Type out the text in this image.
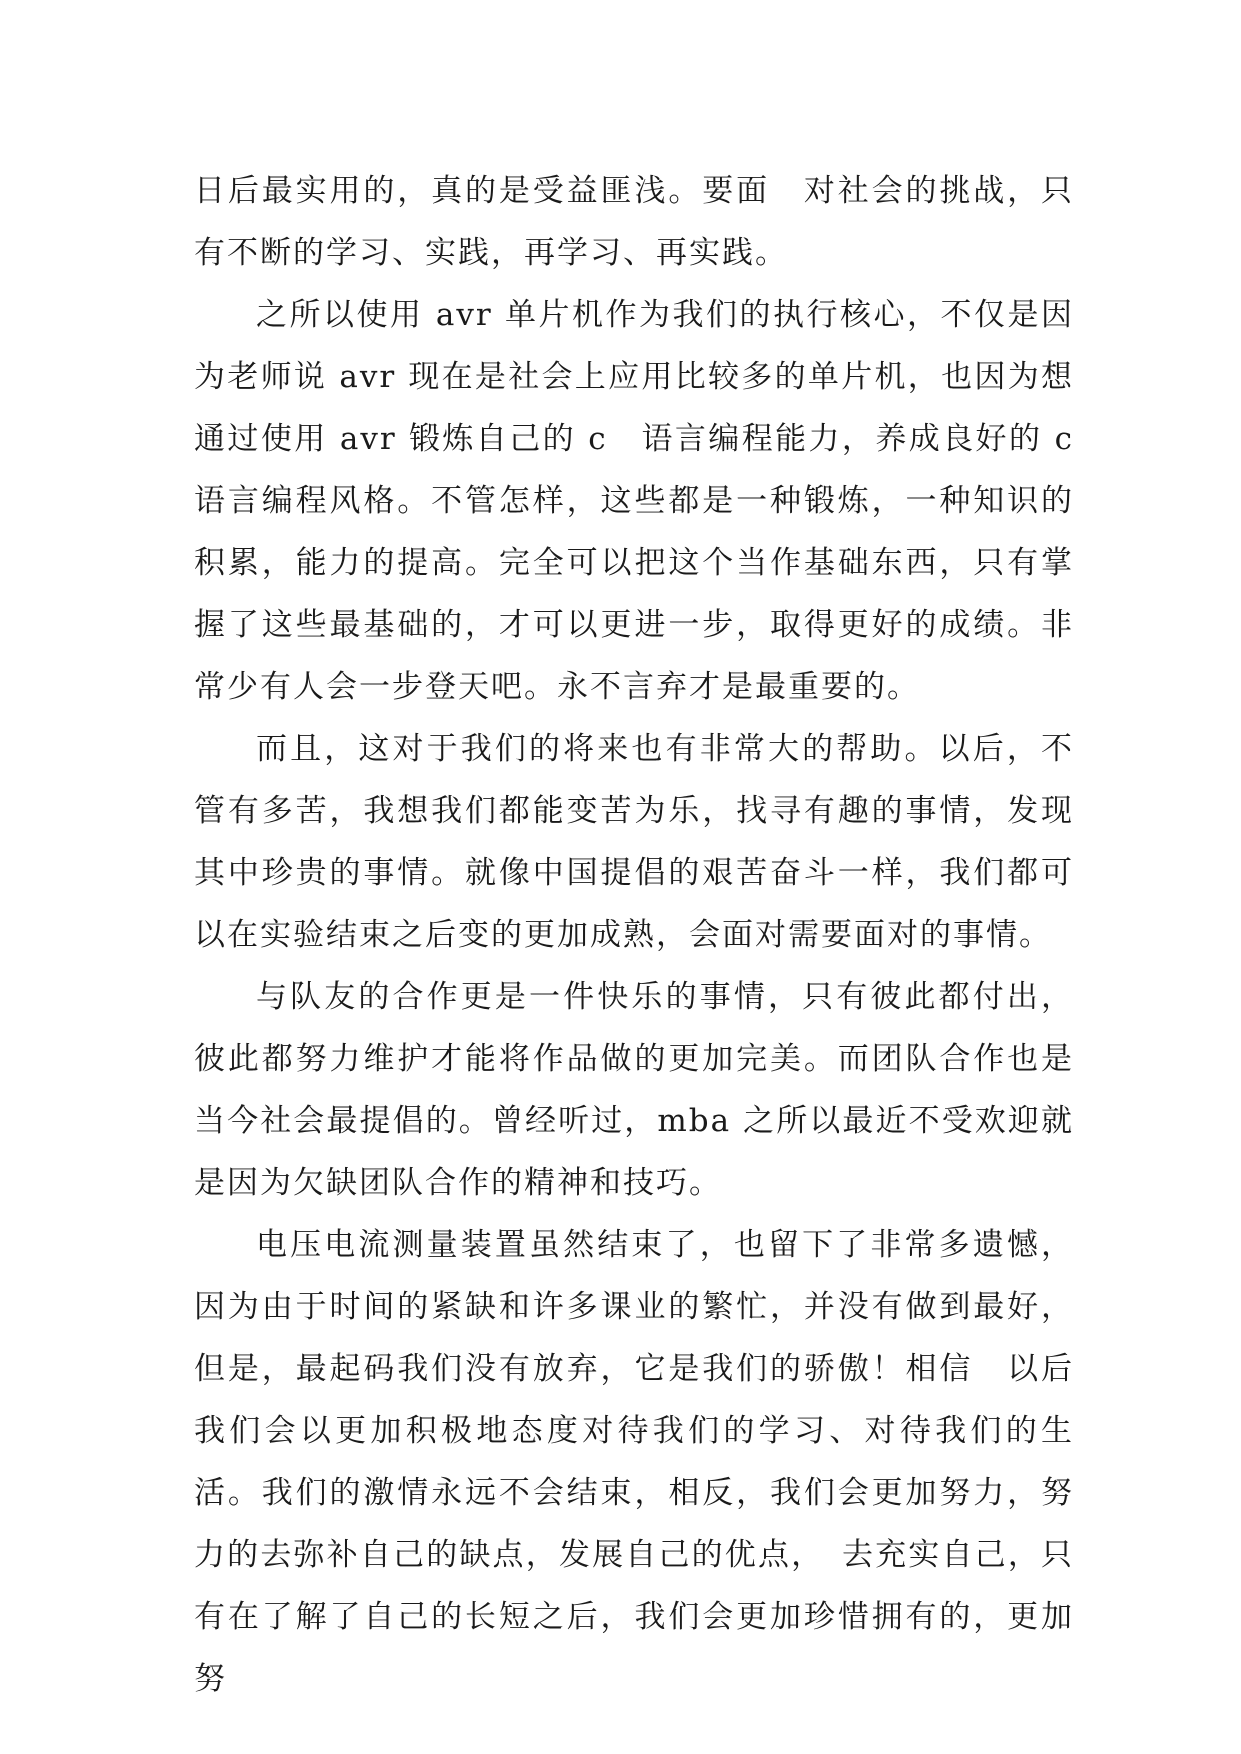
日后最实用的，真的是受益匪浅。要面　对社会的挑战，只有不断的学习、实践，再学习、再实践。

之所以使用 avr 单片机作为我们的执行核心，不仅是因为老师说 avr 现在是社会上应用比较多的单片机，也因为想通过使用 avr 锻炼自己的 c　语言编程能力，养成良好的 c 语言编程风格。不管怎样，这些都是一种锻炼，一种知识的积累，能力的提高。完全可以把这个当作基础东西，只有掌握了这些最基础的，才可以更进一步，取得更好的成绩。非常少有人会一步登天吧。永不言弃才是最重要的。

而且，这对于我们的将来也有非常大的帮助。以后，不管有多苦，我想我们都能变苦为乐，找寻有趣的事情，发现其中珍贵的事情。就像中国提倡的艰苦奋斗一样，我们都可以在实验结束之后变的更加成熟，会面对需要面对的事情。

与队友的合作更是一件快乐的事情，只有彼此都付出，彼此都努力维护才能将作品做的更加完美。而团队合作也是当今社会最提倡的。曾经听过，mba 之所以最近不受欢迎就是因为欠缺团队合作的精神和技巧。

电压电流测量装置虽然结束了，也留下了非常多遗憾，因为由于时间的紧缺和许多课业的繁忙，并没有做到最好，但是，最起码我们没有放弃，它是我们的骄傲！相信　以后我们会以更加积极地态度对待我们的学习、对待我们的生活。我们的激情永远不会结束，相反，我们会更加努力，努力的去弥补自己的缺点，发展自己的优点，　去充实自己，只有在了解了自己的长短之后，我们会更加珍惜拥有的，更加努
